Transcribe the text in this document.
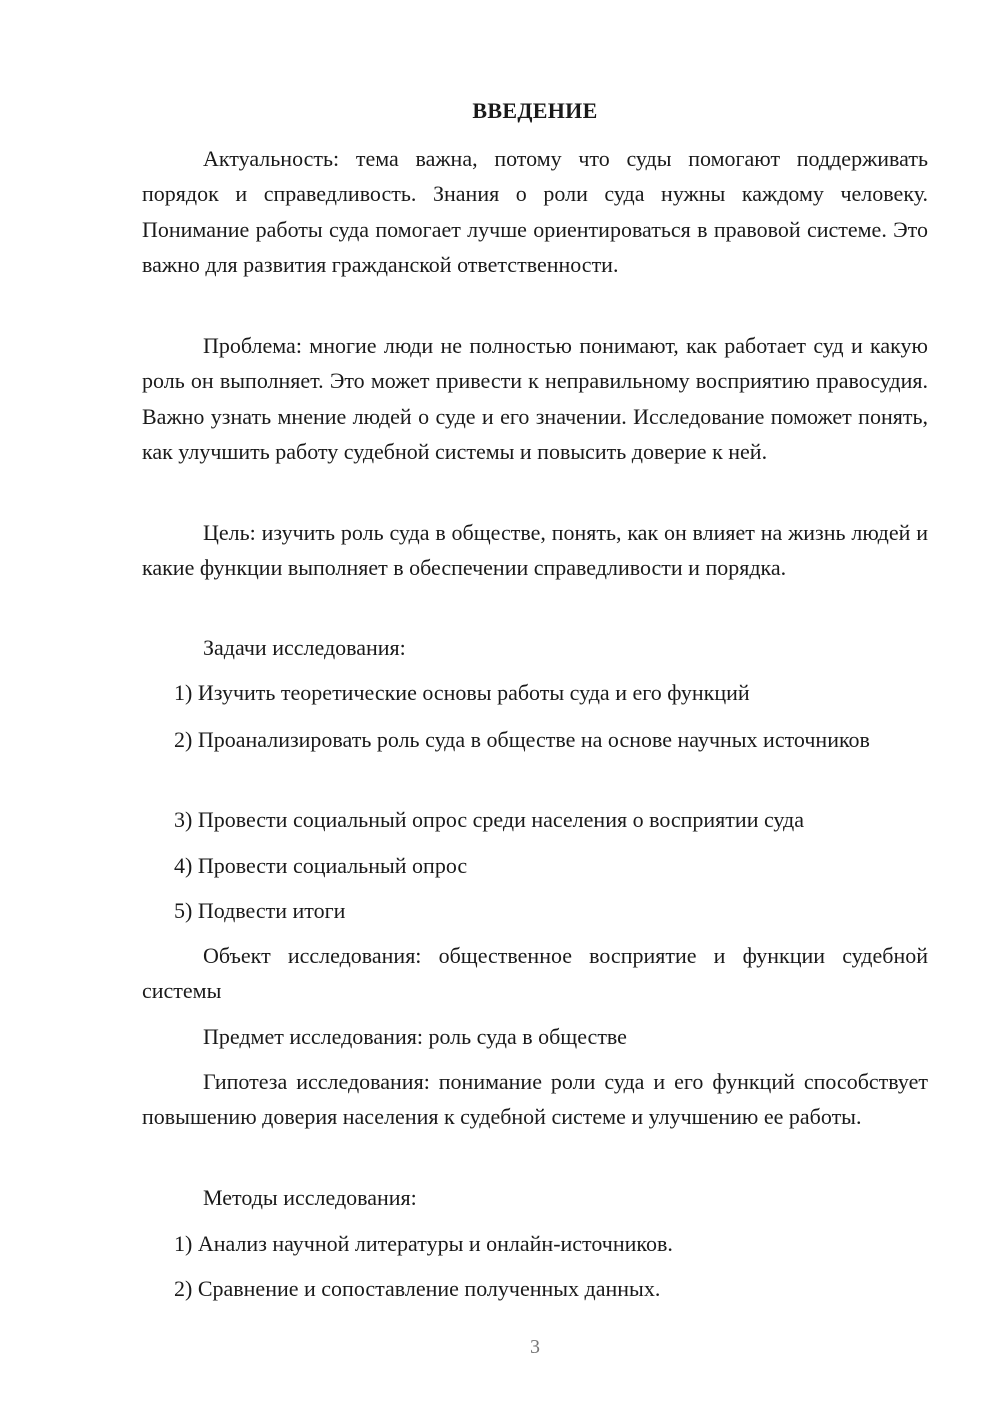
ВВЕДЕНИЕ

Актуальность: тема важна, потому что суды помогают поддерживать порядок и справедливость. Знания о роли суда нужны каждому человеку. Понимание работы суда помогает лучше ориентироваться в правовой системе. Это важно для развития гражданской ответственности.

Проблема: многие люди не полностью понимают, как работает суд и какую роль он выполняет. Это может привести к неправильному восприятию правосудия. Важно узнать мнение людей о суде и его значении. Исследование поможет понять, как улучшить работу судебной системы и повысить доверие к ней.

Цель: изучить роль суда в обществе, понять, как он влияет на жизнь людей и какие функции выполняет в обеспечении справедливости и порядка.

Задачи исследования:

1) Изучить теоретические основы работы суда и его функций

2) Проанализировать роль суда в обществе на основе научных источников

3) Провести социальный опрос среди населения о восприятии суда

4) Провести социальный опрос

5) Подвести итоги

Объект исследования: общественное восприятие и функции судебной системы

Предмет исследования: роль суда в обществе

Гипотеза исследования: понимание роли суда и его функций способствует повышению доверия населения к судебной системе и улучшению ее работы.

Методы исследования:

1) Анализ научной литературы и онлайн-источников.

2) Сравнение и сопоставление полученных данных.

3
